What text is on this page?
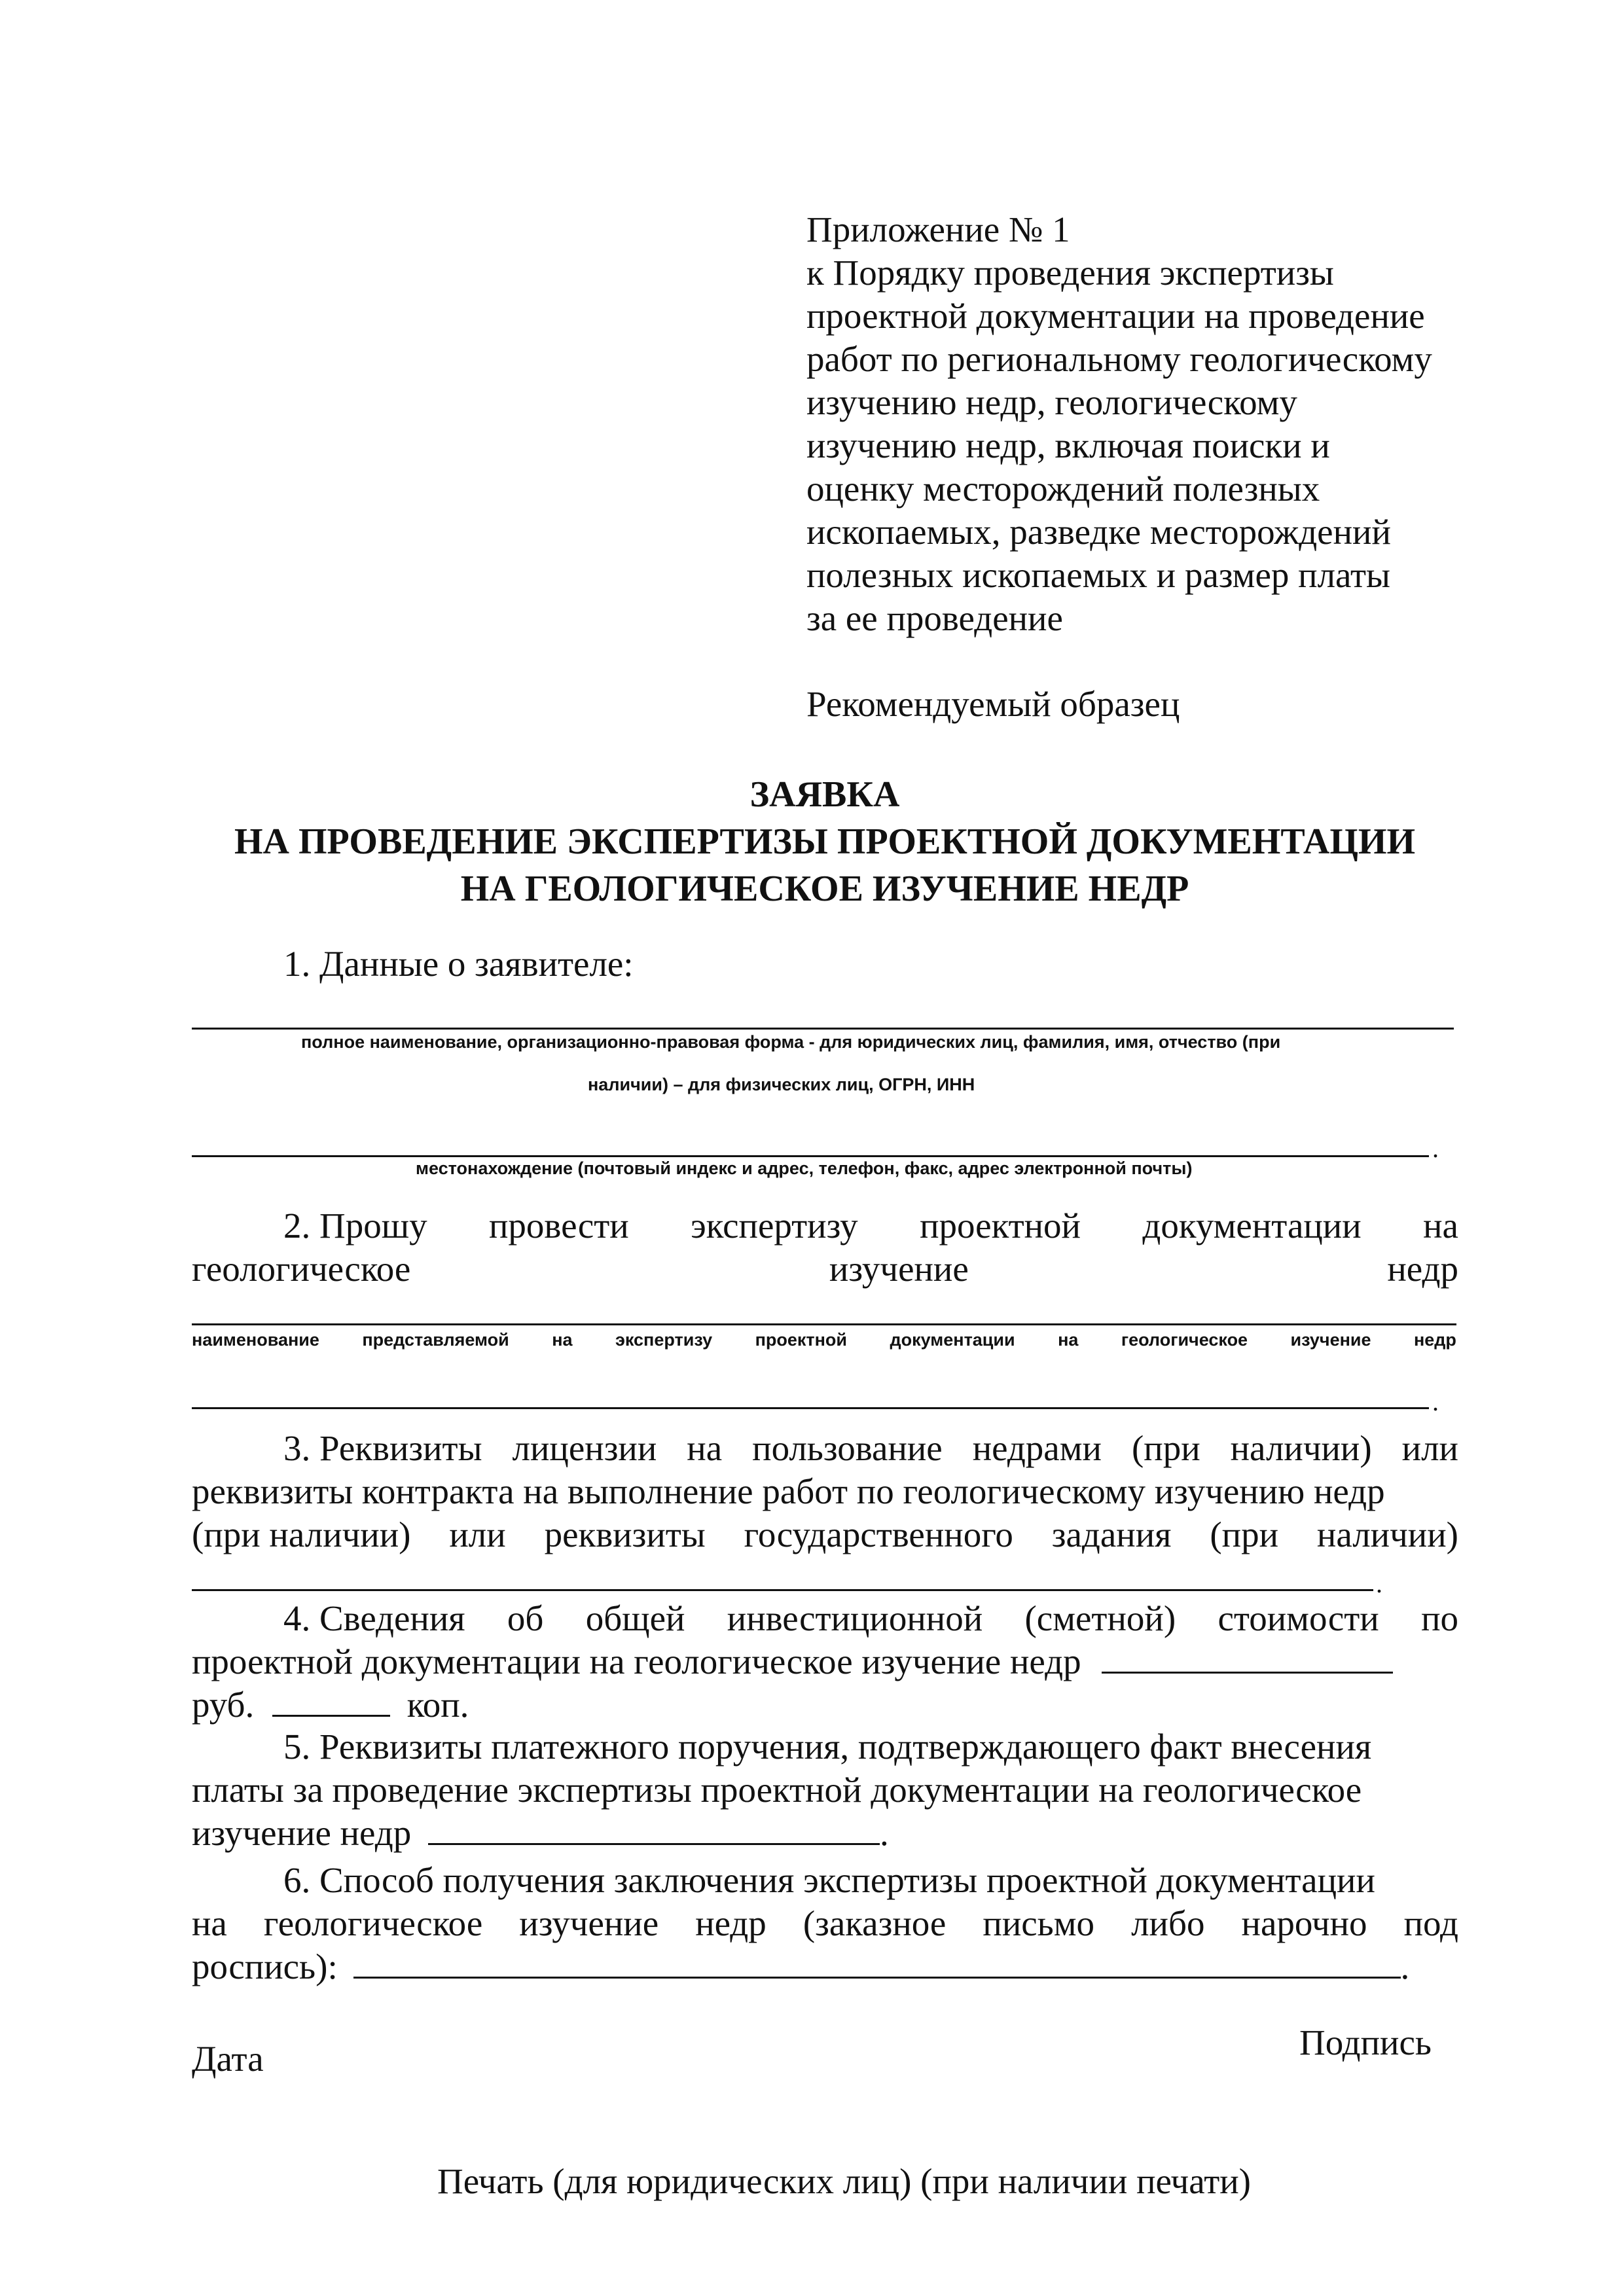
Приложение № 1
к Порядку проведения экспертизы
проектной документации на проведение
работ по региональному геологическому
изучению недр, геологическому
изучению недр, включая поиски и
оценку месторождений полезных
ископаемых, разведке месторождений
полезных ископаемых и размер платы
за ее проведение
Рекомендуемый образец
ЗАЯВКА
НА ПРОВЕДЕНИЕ ЭКСПЕРТИЗЫ ПРОЕКТНОЙ ДОКУМЕНТАЦИИ
НА ГЕОЛОГИЧЕСКОЕ ИЗУЧЕНИЕ НЕДР
1. Данные о заявителе:
полное наименование, организационно-правовая форма - для юридических лиц, фамилия, имя, отчество (при
наличии) – для физических лиц, ОГРН, ИНН
.
местонахождение (почтовый индекс и адрес, телефон, факс, адрес электронной почты)
2. Прошу провести экспертизу проектной документации на
геологическое	изучение	недр
наименование представляемой на экспертизу проектной документации на геологическое изучение недр
.
3. Реквизиты лицензии на пользование недрами (при наличии) или
реквизиты контракта на выполнение работ по геологическому изучению недр
(при наличии) или реквизиты государственного задания (при наличии)
.
4. Сведения об общей инвестиционной (сметной) стоимости по
проектной документации на геологическое изучение недр
руб.	коп.
5. Реквизиты платежного поручения, подтверждающего факт внесения
платы за проведение экспертизы проектной документации на геологическое
изучение недр	.
6. Способ получения заключения экспертизы проектной документации
на геологическое изучение недр (заказное письмо либо нарочно под
роспись):	.
Дата	Подпись
Печать (для юридических лиц) (при наличии печати)
